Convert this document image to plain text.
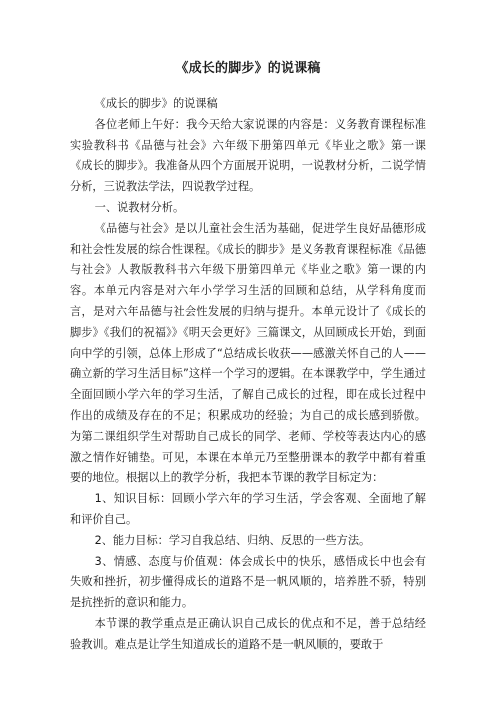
《成长的脚步》的说课稿

《成长的脚步》的说课稿

各位老师上午好：我今天给大家说课的内容是：义务教育课程标准实验教科书《品德与社会》六年级下册第四单元《毕业之歌》第一课《成长的脚步》。我准备从四个方面展开说明，一说教材分析，二说学情分析，三说教法学法，四说教学过程。

一、说教材分析。

《品德与社会》是以儿童社会生活为基础，促进学生良好品德形成和社会性发展的综合性课程。《成长的脚步》是义务教育课程标准《品德与社会》人教版教科书六年级下册第四单元《毕业之歌》第一课的内容。本单元内容是对六年小学学习生活的回顾和总结，从学科角度而言，是对六年品德与社会性发展的归纳与提升。本单元设计了《成长的脚步》《我们的祝福》》《明天会更好》三篇课文，从回顾成长开始，到面向中学的引领，总体上形成了“总结成长收获——感激关怀自己的人——确立新的学习生活目标”这样一个学习的逻辑。在本课教学中，学生通过全面回顾小学六年的学习生活，了解自己成长的过程，即在成长过程中作出的成绩及存在的不足；积累成功的经验；为自己的成长感到骄傲。为第二课组织学生对帮助自己成长的同学、老师、学校等表达内心的感激之情作好铺垫。可见，本课在本单元乃至整册课本的教学中都有着重要的地位。根据以上的教学分析，我把本节课的教学目标定为：

1、知识目标：回顾小学六年的学习生活，学会客观、全面地了解和评价自己。

2、能力目标：学习自我总结、归纳、反思的一些方法。

3、情感、态度与价值观：体会成长中的快乐，感悟成长中也会有失败和挫折，初步懂得成长的道路不是一帆风顺的，培养胜不骄，特别是抗挫折的意识和能力。

本节课的教学重点是正确认识自己成长的优点和不足，善于总结经验教训。难点是让学生知道成长的道路不是一帆风顺的，要敢于
